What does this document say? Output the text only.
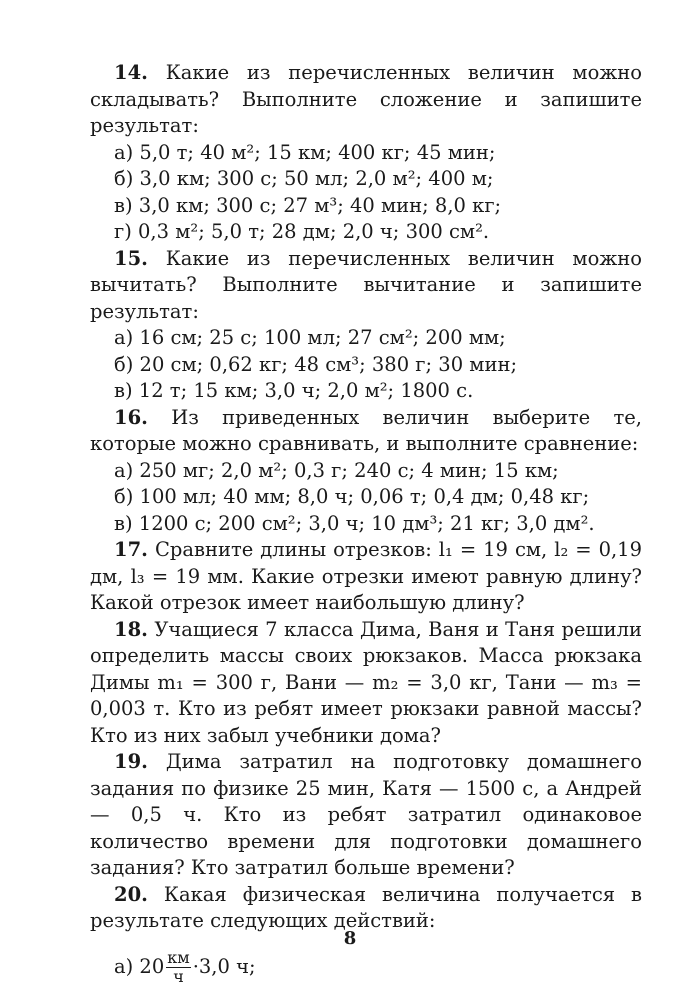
14. Какие из перечисленных величин можно складывать? Выполните сложение и запишите результат:

а) 5,0 т; 40 м²; 15 км; 400 кг; 45 мин;
б) 3,0 км; 300 с; 50 мл; 2,0 м²; 400 м;
в) 3,0 км; 300 с; 27 м³; 40 мин; 8,0 кг;
г) 0,3 м²; 5,0 т; 28 дм; 2,0 ч; 300 см².

15. Какие из перечисленных величин можно вычитать? Выполните вычитание и запишите результат:

а) 16 см; 25 с; 100 мл; 27 см²; 200 мм;
б) 20 см; 0,62 кг; 48 см³; 380 г; 30 мин;
в) 12 т; 15 км; 3,0 ч; 2,0 м²; 1800 с.

16. Из приведенных величин выберите те, которые можно сравнивать, и выполните сравнение:

а) 250 мг; 2,0 м²; 0,3 г; 240 с; 4 мин; 15 км;
б) 100 мл; 40 мм; 8,0 ч; 0,06 т; 0,4 дм; 0,48 кг;
в) 1200 с; 200 см²; 3,0 ч; 10 дм³; 21 кг; 3,0 дм².

17. Сравните длины отрезков: l₁ = 19 см, l₂ = 0,19 дм, l₃ = 19 мм. Какие отрезки имеют равную длину? Какой отрезок имеет наибольшую длину?

18. Учащиеся 7 класса Дима, Ваня и Таня решили определить массы своих рюкзаков. Масса рюкзака Димы m₁ = 300 г, Вани — m₂ = 3,0 кг, Тани — m₃ = 0,003 т. Кто из ребят имеет рюкзаки равной массы? Кто из них забыл учебники дома?

19. Дима затратил на подготовку домашнего задания по физике 25 мин, Катя — 1500 с, а Андрей — 0,5 ч. Кто из ребят затратил одинаковое количество времени для подготовки домашнего задания? Кто затратил больше времени?

20. Какая физическая величина получается в результате следующих действий:

а) $20 \frac{км}{ч} \cdot 3,0$ ч;
8
